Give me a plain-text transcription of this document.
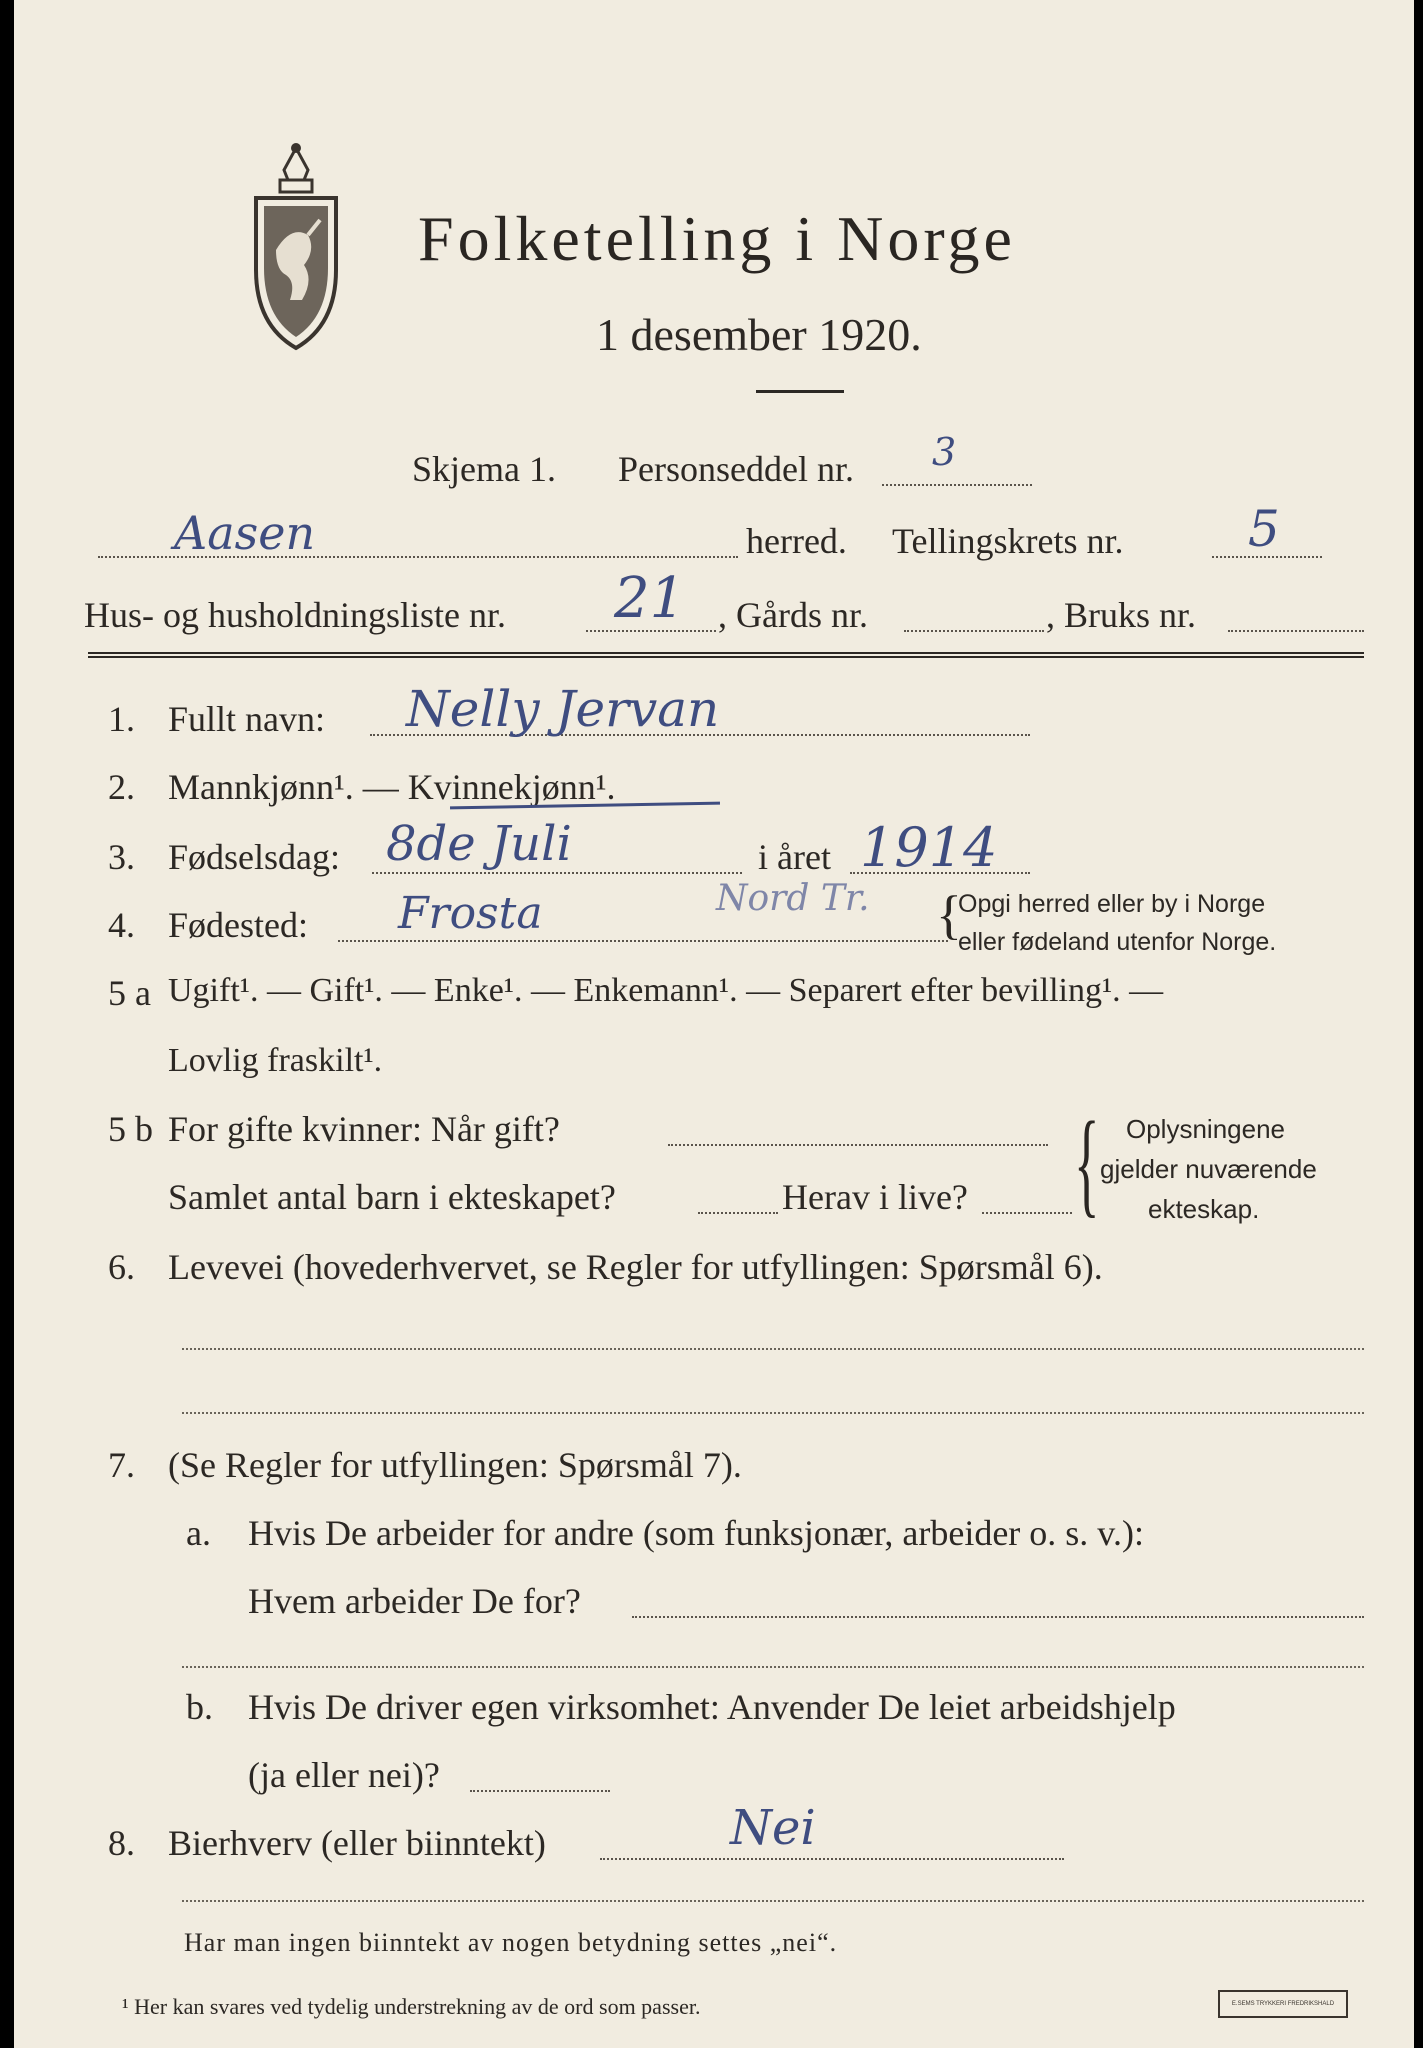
Folketelling i Norge
1 desember 1920.
Skjema 1. Personseddel nr. 3
Aasen	herred. Tellingskrets nr. 5
Hus- og husholdningsliste nr. 21 , Gårds nr.	, Bruks nr.
1. Fullt navn: Nelly Jervan
2. Mannkjønn¹. — Kvinnekjønn¹.
3. Fødselsdag: 8de Juli	i året 1914
4. Fødested: Frosta	Nord Tr. {
Opgi herred eller by i Norge
eller fødeland utenfor Norge.
5 a Ugift¹. — Gift¹. — Enke¹. — Enkemann¹. — Separert efter bevilling¹. —
Lovlig fraskilt¹.
5 b For gifte kvinner: Når gift?
Samlet antal barn i ekteskapet?	Herav i live? { Oplysningene
gjelder nuværende
ekteskap.
6. Levevei (hovederhvervet, se Regler for utfyllingen: Spørsmål 6).
7. (Se Regler for utfyllingen: Spørsmål 7).
a. Hvis De arbeider for andre (som funksjonær, arbeider o. s. v.):
Hvem arbeider De for?
b. Hvis De driver egen virksomhet: Anvender De leiet arbeidshjelp
(ja eller nei)?
8. Bierhverv (eller biinntekt)	Nei
Har man ingen biinntekt av nogen betydning settes „nei“.
¹ Her kan svares ved tydelig understrekning av de ord som passer.	E.SEMS TRYKKERI FREDRIKSHALD
